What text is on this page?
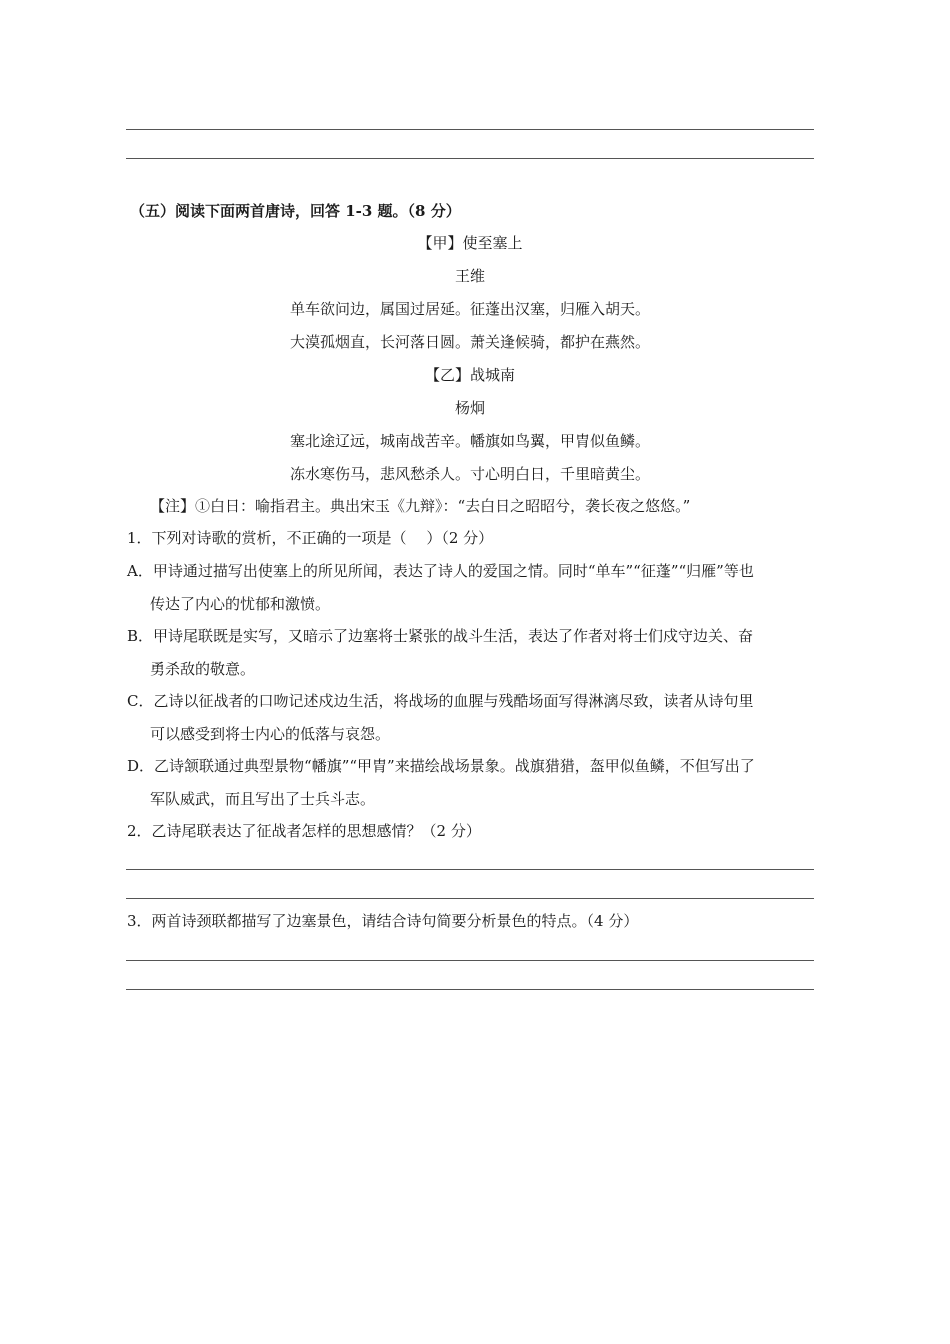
（五）阅读下面两首唐诗，回答 1-3 题。（8 分）
【甲】使至塞上
王维
单车欲问边，属国过居延。征蓬出汉塞，归雁入胡天。
大漠孤烟直，长河落日圆。萧关逢候骑，都护在燕然。
【乙】战城南
杨炯
塞北途辽远，城南战苦辛。幡旗如鸟翼，甲胄似鱼鳞。
冻水寒伤马，悲风愁杀人。寸心明白日，千里暗黄尘。
【注】①白日：喻指君主。典出宋玉《九辩》：“去白日之昭昭兮，袭长夜之悠悠。”
1．下列对诗歌的赏析，不正确的一项是（　 ）（2 分）
A．甲诗通过描写出使塞上的所见所闻，表达了诗人的爱国之情。同时“单车”“征蓬”“归雁”等也
传达了内心的忧郁和激愤。
B．甲诗尾联既是实写，又暗示了边塞将士紧张的战斗生活，表达了作者对将士们戍守边关、奋
勇杀敌的敬意。
C．乙诗以征战者的口吻记述戍边生活，将战场的血腥与残酷场面写得淋漓尽致，读者从诗句里
可以感受到将士内心的低落与哀怨。
D．乙诗颔联通过典型景物“幡旗”“甲胄”来描绘战场景象。战旗猎猎，盔甲似鱼鳞，不但写出了
军队威武，而且写出了士兵斗志。
2．乙诗尾联表达了征战者怎样的思想感情？（2 分）
3．两首诗颈联都描写了边塞景色，请结合诗句简要分析景色的特点。（4 分）
